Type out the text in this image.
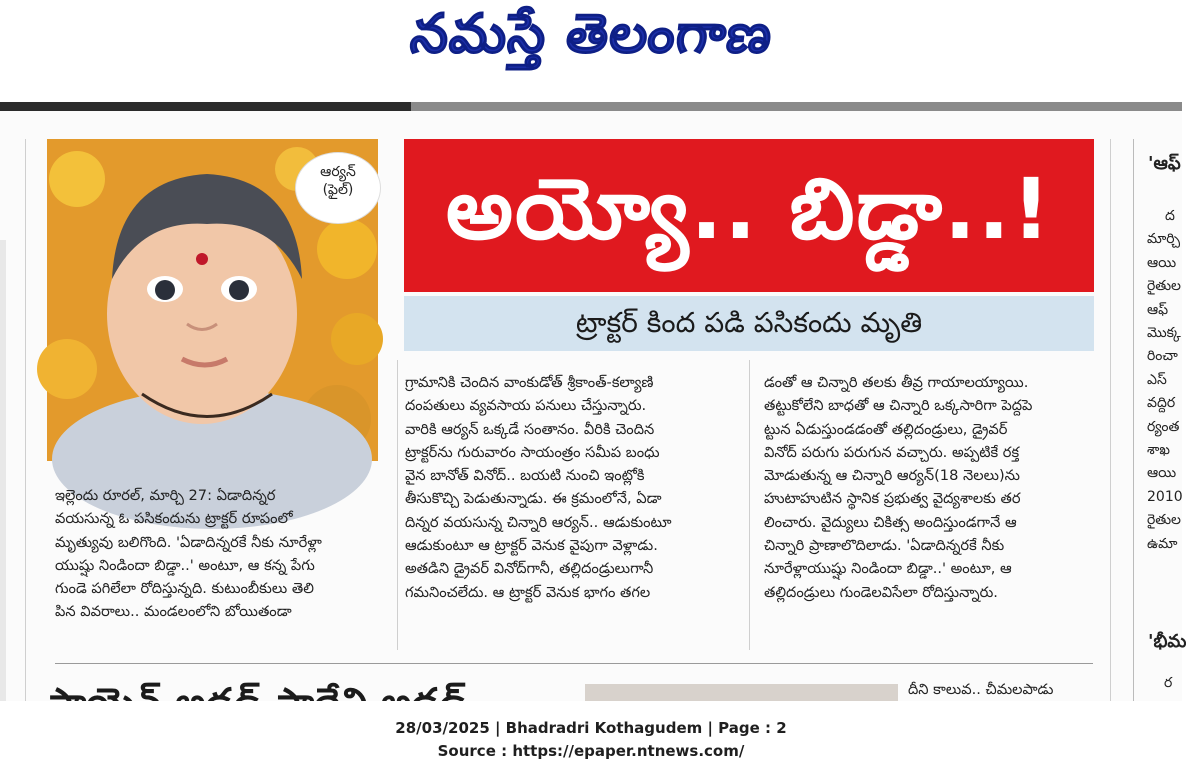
నమస్తే తెలంగాణ
ఆర్యన్
(ఫైల్)	అయ్యో.. బిడ్డా..!
ట్రాక్టర్ కింద పడి పసికందు మృతి

ఇల్లెందు రూరల్, మార్చి 27: ఏడాదిన్నర

వయసున్న ఓ పసికందును ట్రాక్టర్ రూపంలో

మృత్యువు బలిగొంది. 'ఏడాదిన్నరకే నీకు నూరేళ్లా

యుష్షు నిండిందా బిడ్డా..' అంటూ, ఆ కన్న పేగు

గుండె పగిలేలా రోదిస్తున్నది. కుటుంబీకులు తెలి

పిన వివరాలు.. మండలంలోని బోయితండా

గ్రామానికి చెందిన వాంకుడోత్ శ్రీకాంత్-కల్యాణి

దంపతులు వ్యవసాయ పనులు చేస్తున్నారు.

వారికి ఆర్యన్ ఒక్కడే సంతానం. వీరికి చెందిన

ట్రాక్టర్‌ను గురువారం సాయంత్రం సమీప బంధు

వైన బానోత్ వినోద్.. బయటి నుంచి ఇంట్లోకి

తీసుకొచ్చి పెడుతున్నాడు. ఈ క్రమంలోనే, ఏడా

దిన్నర వయసున్న చిన్నారి ఆర్యన్.. ఆడుకుంటూ

ఆడుకుంటూ ఆ ట్రాక్టర్ వెనుక వైపుగా వెళ్లాడు.

అతడిని డ్రైవర్ వినోద్‌గానీ, తల్లిదండ్రులుగానీ

గమనించలేదు. ఆ ట్రాక్టర్ వెనుక భాగం తగల

డంతో ఆ చిన్నారి తలకు తీవ్ర గాయాలయ్యాయి.

తట్టుకోలేని బాధతో ఆ చిన్నారి ఒక్కసారిగా పెద్దపె

ట్టున ఏడుస్తుండడంతో తల్లిదండ్రులు, డ్రైవర్

వినోద్ పరుగు పరుగున వచ్చారు. అప్పటికే రక్త

మోడుతున్న ఆ చిన్నారి ఆర్యన్(18 నెలలు)ను

హుటాహుటిన స్థానిక ప్రభుత్వ వైద్యశాలకు తర

లించారు. వైద్యులు చికిత్స అందిస్తుండగానే ఆ

చిన్నారి ప్రాణాలొదిలాడు. 'ఏడాదిన్నరకే నీకు

నూరేళ్లాయుష్షు నిండిందా బిడ్డా..' అంటూ, ఆ

తల్లిదండ్రులు గుండెలవిసేలా రోదిస్తున్నారు.

దీని కాలువ.. చీమలపాడు
'ఆఫ్
ద
మార్చి
ఆయి
రైతుల
ఆఫ్
మొక్క
రించా
ఎస్
వద్దిర
ర్యంత
శాఖ
ఆయి
2010
రైతుల
ఉమా
'భీమ
ర
28/03/2025 | Bhadradri Kothagudem | Page : 2
Source : https://epaper.ntnews.com/
